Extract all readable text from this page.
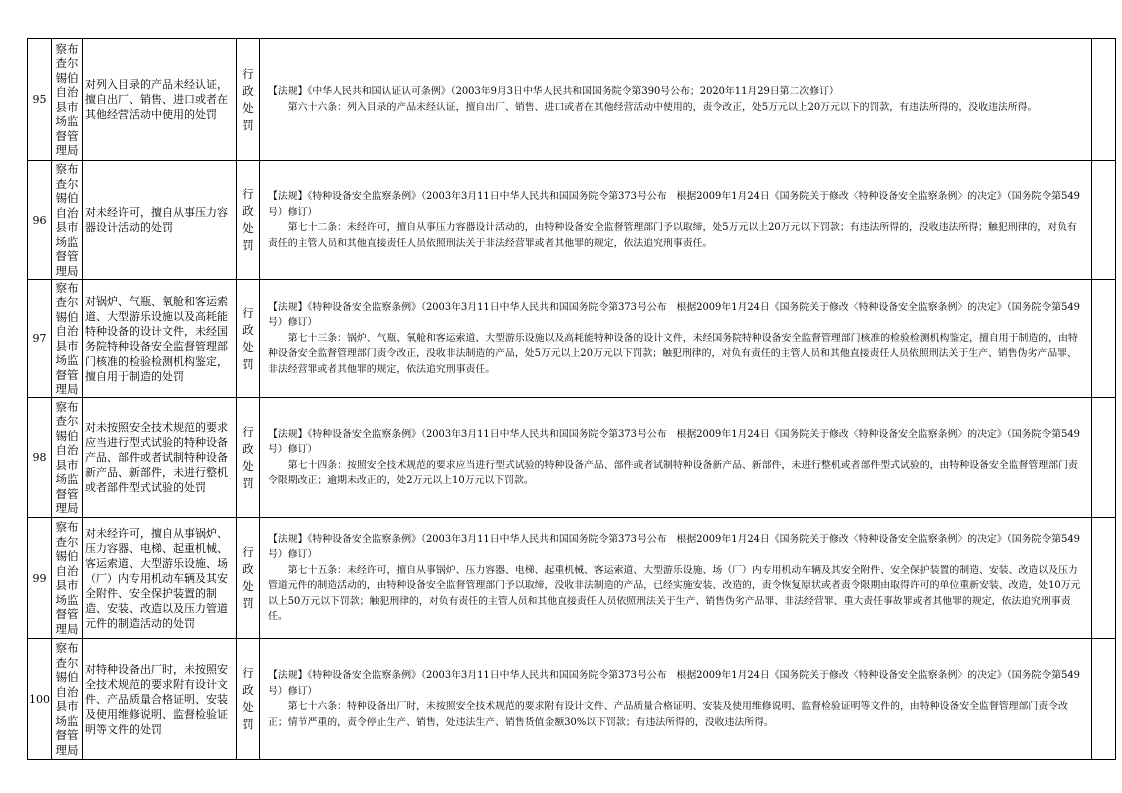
95	察布查尔锡伯自治县市场监督管理局	对列入目录的产品未经认证，擅自出厂、销售、进口或者在其他经营活动中使用的处罚	行政处罚	【法规】《中华人民共和国认证认可条例》（2003年9月3日中华人民共和国国务院令第390号公布；2020年11月29日第二次修订）
第六十六条：列入目录的产品未经认证，擅自出厂、销售、进口或者在其他经营活动中使用的，责令改正，处5万元以上20万元以下的罚款，有违法所得的，没收违法所得。	

96	察布查尔锡伯自治县市场监督管理局	对未经许可，擅自从事压力容器设计活动的处罚	行政处罚	【法规】《特种设备安全监察条例》（2003年3月11日中华人民共和国国务院令第373号公布　根据2009年1月24日《国务院关于修改〈特种设备安全监察条例〉的决定》（国务院令第549号）修订）
第七十二条：未经许可，擅自从事压力容器设计活动的，由特种设备安全监督管理部门予以取缔，处5万元以上20万元以下罚款；有违法所得的，没收违法所得；触犯刑律的，对负有责任的主管人员和其他直接责任人员依照刑法关于非法经营罪或者其他罪的规定，依法追究刑事责任。	

97	察布查尔锡伯自治县市场监督管理局	对锅炉、气瓶、氧舱和客运索道、大型游乐设施以及高耗能特种设备的设计文件，未经国务院特种设备安全监督管理部门核准的检验检测机构鉴定，擅自用于制造的处罚	行政处罚	【法规】《特种设备安全监察条例》（2003年3月11日中华人民共和国国务院令第373号公布　根据2009年1月24日《国务院关于修改〈特种设备安全监察条例〉的决定》（国务院令第549号）修订）
第七十三条：锅炉、气瓶、氧舱和客运索道、大型游乐设施以及高耗能特种设备的设计文件，未经国务院特种设备安全监督管理部门核准的检验检测机构鉴定，擅自用于制造的，由特种设备安全监督管理部门责令改正，没收非法制造的产品，处5万元以上20万元以下罚款；触犯刑律的，对负有责任的主管人员和其他直接责任人员依照刑法关于生产、销售伪劣产品罪、非法经营罪或者其他罪的规定，依法追究刑事责任。	

98	察布查尔锡伯自治县市场监督管理局	对未按照安全技术规范的要求应当进行型式试验的特种设备产品、部件或者试制特种设备新产品、新部件，未进行整机或者部件型式试验的处罚	行政处罚	【法规】《特种设备安全监察条例》（2003年3月11日中华人民共和国国务院令第373号公布　根据2009年1月24日《国务院关于修改〈特种设备安全监察条例〉的决定》（国务院令第549号）修订）
第七十四条：按照安全技术规范的要求应当进行型式试验的特种设备产品、部件或者试制特种设备新产品、新部件，未进行整机或者部件型式试验的，由特种设备安全监督管理部门责令限期改正；逾期未改正的，处2万元以上10万元以下罚款。	

99	察布查尔锡伯自治县市场监督管理局	对未经许可，擅自从事锅炉、压力容器、电梯、起重机械、客运索道、大型游乐设施、场（厂）内专用机动车辆及其安全附件、安全保护装置的制造、安装、改造以及压力管道元件的制造活动的处罚	行政处罚	【法规】《特种设备安全监察条例》（2003年3月11日中华人民共和国国务院令第373号公布　根据2009年1月24日《国务院关于修改〈特种设备安全监察条例〉的决定》（国务院令第549号）修订）
第七十五条：未经许可，擅自从事锅炉、压力容器、电梯、起重机械、客运索道、大型游乐设施、场（厂）内专用机动车辆及其安全附件、安全保护装置的制造、安装、改造以及压力管道元件的制造活动的，由特种设备安全监督管理部门予以取缔，没收非法制造的产品，已经实施安装、改造的，责令恢复原状或者责令限期由取得许可的单位重新安装、改造，处10万元以上50万元以下罚款；触犯刑律的，对负有责任的主管人员和其他直接责任人员依照刑法关于生产、销售伪劣产品罪、非法经营罪、重大责任事故罪或者其他罪的规定，依法追究刑事责任。	

100	察布查尔锡伯自治县市场监督管理局	对特种设备出厂时，未按照安全技术规范的要求附有设计文件、产品质量合格证明、安装及使用维修说明、监督检验证明等文件的处罚	行政处罚	【法规】《特种设备安全监察条例》（2003年3月11日中华人民共和国国务院令第373号公布　根据2009年1月24日《国务院关于修改〈特种设备安全监察条例〉的决定》（国务院令第549号）修订）
第七十六条：特种设备出厂时，未按照安全技术规范的要求附有设计文件、产品质量合格证明、安装及使用维修说明、监督检验证明等文件的，由特种设备安全监督管理部门责令改正；情节严重的，责令停止生产、销售，处违法生产、销售货值金额30%以下罚款；有违法所得的，没收违法所得。	
